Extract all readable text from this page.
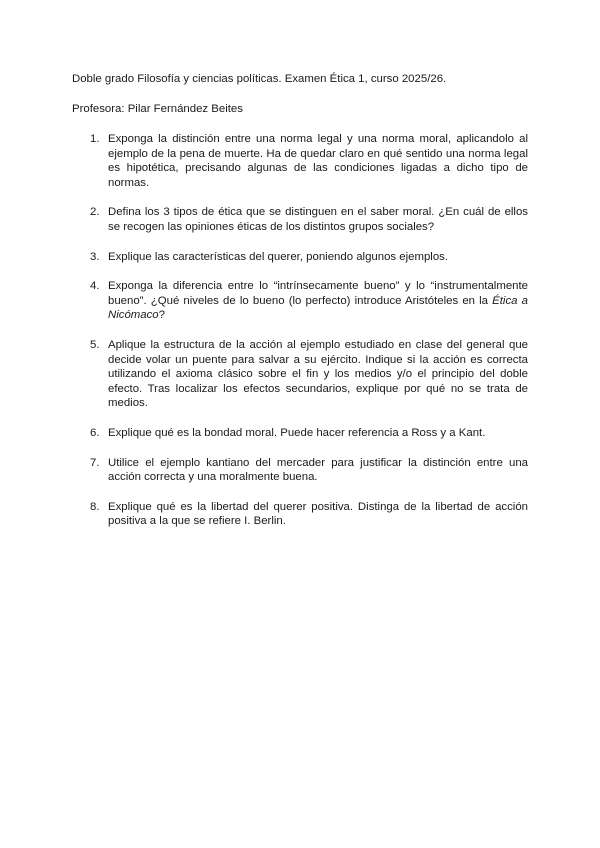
Doble grado Filosofía y ciencias políticas. Examen Ética 1, curso 2025/26.
Profesora: Pilar Fernández Beites
1. Exponga la distinción entre una norma legal y una norma moral, aplicandolo al ejemplo de la pena de muerte. Ha de quedar claro en qué sentido una norma legal es hipotética, precisando algunas de las condiciones ligadas a dicho tipo de normas.
2. Defina los 3 tipos de ética que se distinguen en el saber moral. ¿En cuál de ellos se recogen las opiniones éticas de los distintos grupos sociales?
3. Explique las características del querer, poniendo algunos ejemplos.
4. Exponga la diferencia entre lo “intrínsecamente bueno” y lo “instrumentalmente bueno”. ¿Qué niveles de lo bueno (lo perfecto) introduce Aristóteles en la Ética a Nicómaco?
5. Aplique la estructura de la acción al ejemplo estudiado en clase del general que decide volar un puente para salvar a su ejército. Indique si la acción es correcta utilizando el axioma clásico sobre el fin y los medios y/o el principio del doble efecto. Tras localizar los efectos secundarios, explique por qué no se trata de medios.
6. Explique qué es la bondad moral. Puede hacer referencia a Ross y a Kant.
7. Utilice el ejemplo kantiano del mercader para justificar la distinción entre una acción correcta y una moralmente buena.
8. Explique qué es la libertad del querer positiva. Distinga de la libertad de acción positiva a la que se refiere I. Berlin.
